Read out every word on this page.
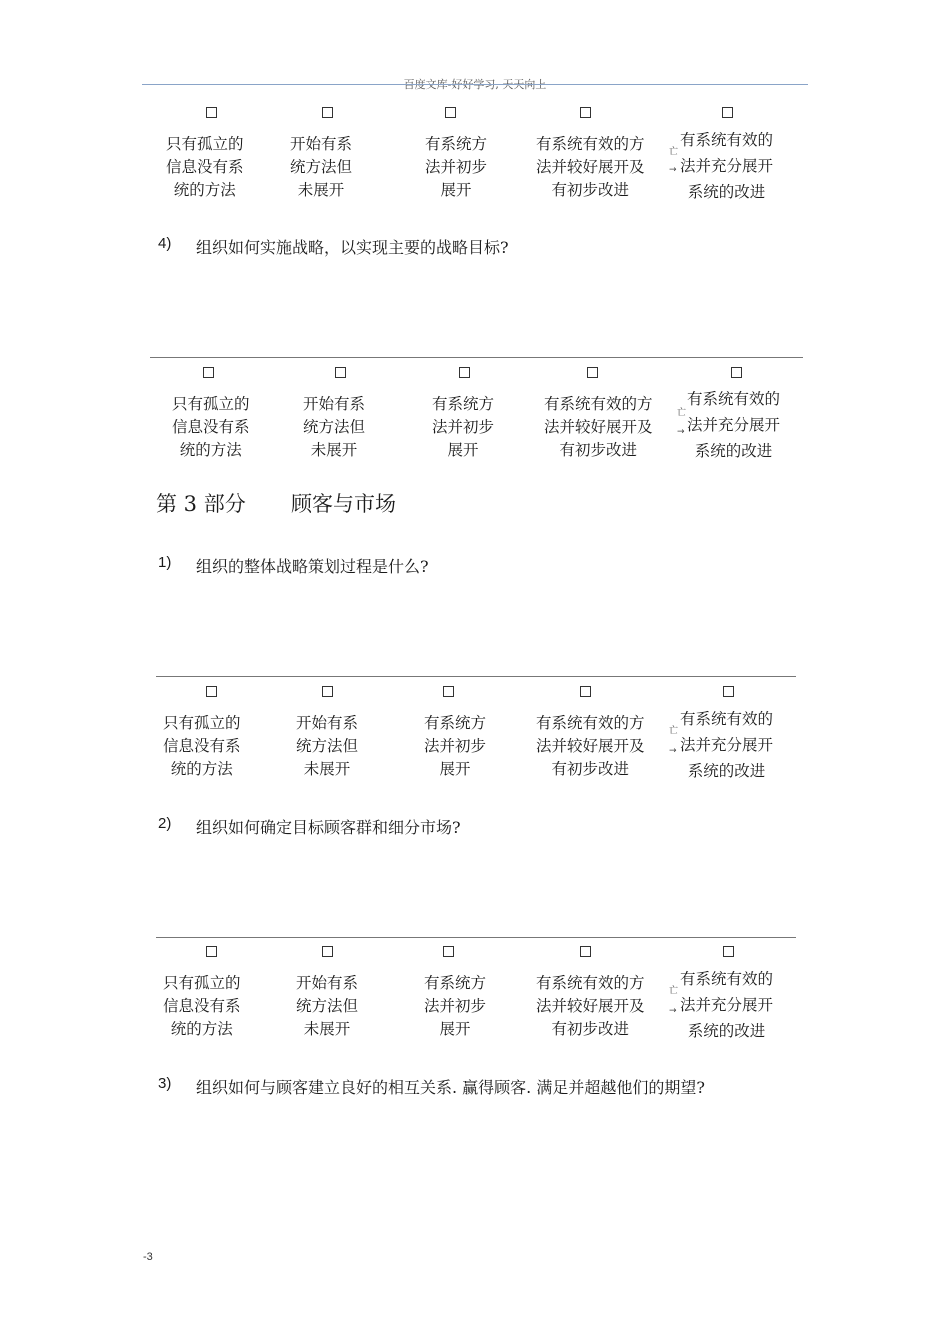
百度文库-好好学习, 天天向上
只有孤立的
信息没有系
统的方法
开始有系
统方法但
未展开
有系统方
法并初步
展开
有系统有效的方
法并较好展开及
有初步改进
有系统有效的
法并充分展开
系统的改进
亡
→
4) 组织如何实施战略，以实现主要的战略目标?
只有孤立的
信息没有系
统的方法
开始有系
统方法但
未展开
有系统方
法并初步
展开
有系统有效的方
法并较好展开及
有初步改进
有系统有效的
法并充分展开
系统的改进
亡
→
第 3 部分 顾客与市场
1) 组织的整体战略策划过程是什么?
只有孤立的
信息没有系
统的方法
开始有系
统方法但
未展开
有系统方
法并初步
展开
有系统有效的方
法并较好展开及
有初步改进
有系统有效的
法并充分展开
系统的改进
亡
→
2) 组织如何确定目标顾客群和细分市场?
只有孤立的
信息没有系
统的方法
开始有系
统方法但
未展开
有系统方
法并初步
展开
有系统有效的方
法并较好展开及
有初步改进
有系统有效的
法并充分展开
系统的改进
亡
→
3) 组织如何与顾客建立良好的相互关系. 赢得顾客. 满足并超越他们的期望?
-3
